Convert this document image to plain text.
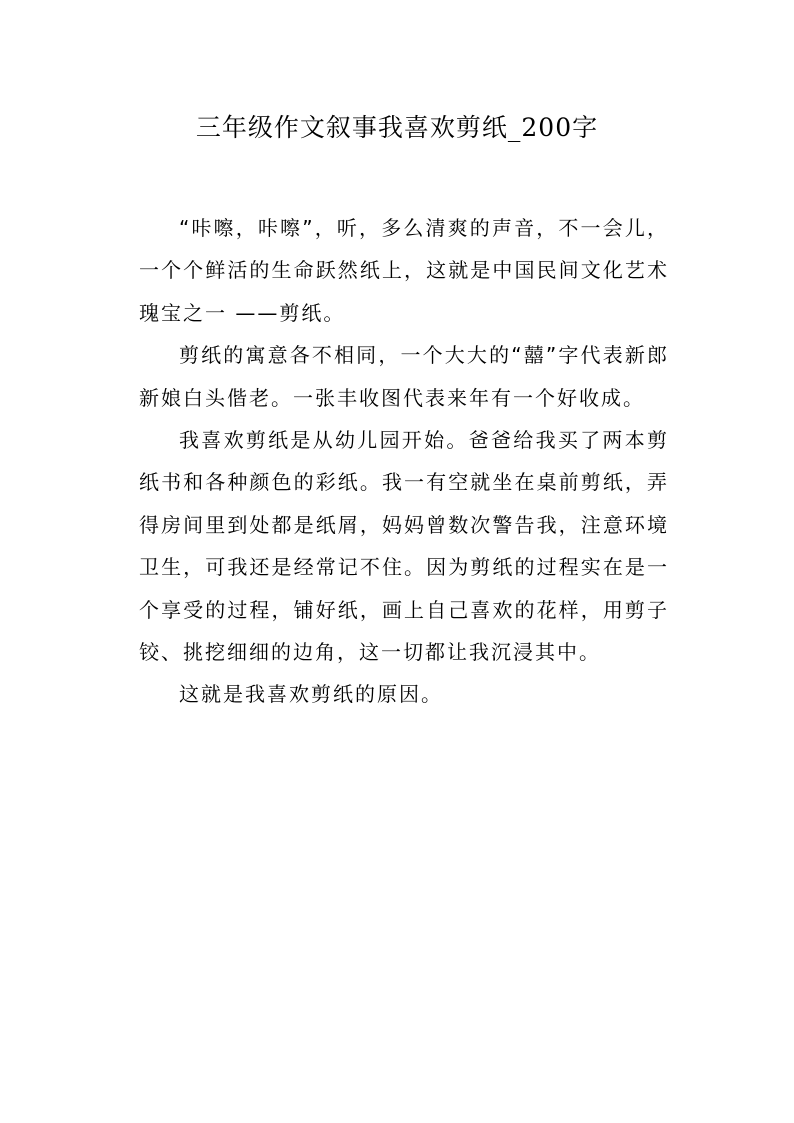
三年级作文叙事我喜欢剪纸_200字

“咔嚓，咔嚓”，听，多么清爽的声音，不一会儿，一个个鲜活的生命跃然纸上，这就是中国民间文化艺术瑰宝之一 ——剪纸。

剪纸的寓意各不相同，一个大大的“囍”字代表新郎新娘白头偕老。一张丰收图代表来年有一个好收成。

我喜欢剪纸是从幼儿园开始。爸爸给我买了两本剪纸书和各种颜色的彩纸。我一有空就坐在桌前剪纸，弄得房间里到处都是纸屑，妈妈曾数次警告我，注意环境卫生，可我还是经常记不住。因为剪纸的过程实在是一个享受的过程，铺好纸，画上自己喜欢的花样，用剪子铰、挑挖细细的边角，这一切都让我沉浸其中。

这就是我喜欢剪纸的原因。
